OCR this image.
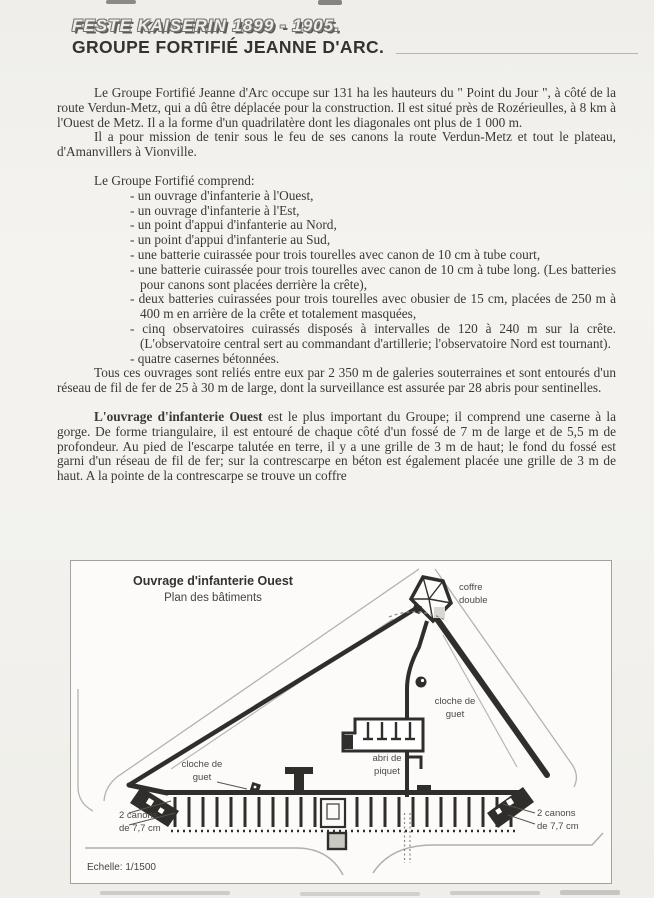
FESTE KAISERIN 1899 - 1905.
GROUPE FORTIFIÉ JEANNE D'ARC.

Le Groupe Fortifié Jeanne d'Arc occupe sur 131 ha les hauteurs du " Point du Jour ", à côté de la route Verdun-Metz, qui a dû être déplacée pour la construction. Il est situé près de Rozérieulles, à 8 km à l'Ouest de Metz. Il a la forme d'un quadrilatère dont les diagonales ont plus de 1 000 m.

Il a pour mission de tenir sous le feu de ses canons la route Verdun-Metz et tout le plateau, d'Amanvillers à Vionville.

Le Groupe Fortifié comprend:

- un ouvrage d'infanterie à l'Ouest,
- un ouvrage d'infanterie à l'Est,
- un point d'appui d'infanterie au Nord,
- un point d'appui d'infanterie au Sud,
- une batterie cuirassée pour trois tourelles avec canon de 10 cm à tube court,
- une batterie cuirassée pour trois tourelles avec canon de 10 cm à tube long. (Les batteries pour canons sont placées derrière la crête),
- deux batteries cuirassées pour trois tourelles avec obusier de 15 cm, placées de 250 m à 400 m en arrière de la crête et totalement masquées,
- cinq observatoires cuirassés disposés à intervalles de 120 à 240 m sur la crête. (L'observatoire central sert au commandant d'artillerie; l'observatoire Nord est tournant).
- quatre casernes bétonnées.

Tous ces ouvrages sont reliés entre eux par 2 350 m de galeries souterraines et sont entourés d'un réseau de fil de fer de 25 à 30 m de large, dont la surveillance est assurée par 28 abris pour sentinelles.

L'ouvrage d'infanterie Ouest est le plus important du Groupe; il comprend une caserne à la gorge. De forme triangulaire, il est entouré de chaque côté d'un fossé de 7 m de large et de 5,5 m de profondeur. Au pied de l'escarpe talutée en terre, il y a une grille de 3 m de haut; le fond du fossé est garni d'un réseau de fil de fer; sur la contrescarpe en béton est également placée une grille de 3 m de haut. A la pointe de la contrescarpe se trouve un coffre

Ouvrage d'infanterie Ouest
Plan des bâtiments
coffre
double
cloche de
guet
abri de
piquet
cloche de
guet
2 canons
de 7,7 cm
2 canons
de 7,7 cm
Echelle: 1/1500
